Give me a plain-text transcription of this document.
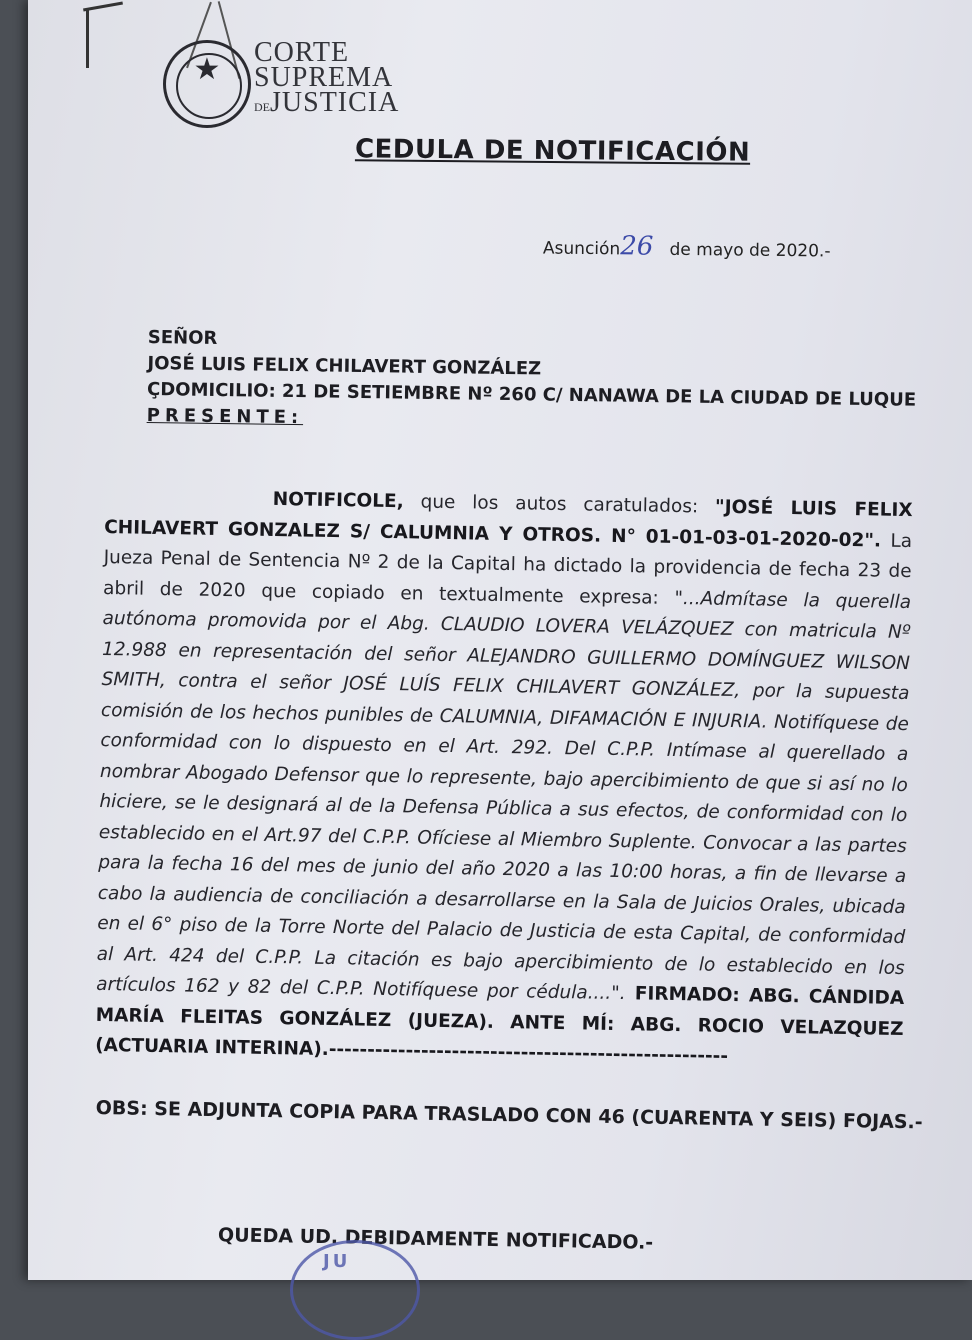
★	CORTE
SUPREMA
DEJUSTICIA
CEDULA DE NOTIFICACIÓN
Asunción26 de mayo de 2020.-
SEÑOR
JOSÉ LUIS FELIX CHILAVERT GONZÁLEZ
ÇDOMICILIO: 21 DE SETIEMBRE Nº 260 C/ NANAWA DE LA CIUDAD DE LUQUE
PRESENTE:
NOTIFICOLE, que los autos caratulados: "JOSÉ LUIS FELIX CHILAVERT GONZALEZ S/ CALUMNIA Y OTROS. N° 01-01-03-01-2020-02". La Jueza Penal de Sentencia Nº 2 de la Capital ha dictado la providencia de fecha 23 de abril de 2020 que copiado en textualmente expresa: "...Admítase la querella autónoma promovida por el Abg. CLAUDIO LOVERA VELÁZQUEZ con matricula Nº 12.988 en representación del señor ALEJANDRO GUILLERMO DOMÍNGUEZ WILSON SMITH, contra el señor JOSÉ LUÍS FELIX CHILAVERT GONZÁLEZ, por la supuesta comisión de los hechos punibles de CALUMNIA, DIFAMACIÓN E INJURIA. Notifíquese de conformidad con lo dispuesto en el Art. 292. Del C.P.P. Intímase al querellado a nombrar Abogado Defensor que lo represente, bajo apercibimiento de que si así no lo hiciere, se le designará al de la Defensa Pública a sus efectos, de conformidad con lo establecido en el Art.97 del C.P.P. Ofíciese al Miembro Suplente. Convocar a las partes para la fecha 16 del mes de junio del año 2020 a las 10:00 horas, a fin de llevarse a cabo la audiencia de conciliación a desarrollarse en la Sala de Juicios Orales, ubicada en el 6° piso de la Torre Norte del Palacio de Justicia de esta Capital, de conformidad al Art. 424 del C.P.P. La citación es bajo apercibimiento de lo establecido en los artículos 162 y 82 del C.P.P. Notifíquese por cédula....". FIRMADO: ABG. CÁNDIDA MARÍA FLEITAS GONZÁLEZ (JUEZA). ANTE MÍ: ABG. ROCIO VELAZQUEZ (ACTUARIA INTERINA).----------------------------------------------------
OBS: SE ADJUNTA COPIA PARA TRASLADO CON 46 (CUARENTA Y SEIS) FOJAS.-
QUEDA UD. DEBIDAMENTE NOTIFICADO.-
JU
